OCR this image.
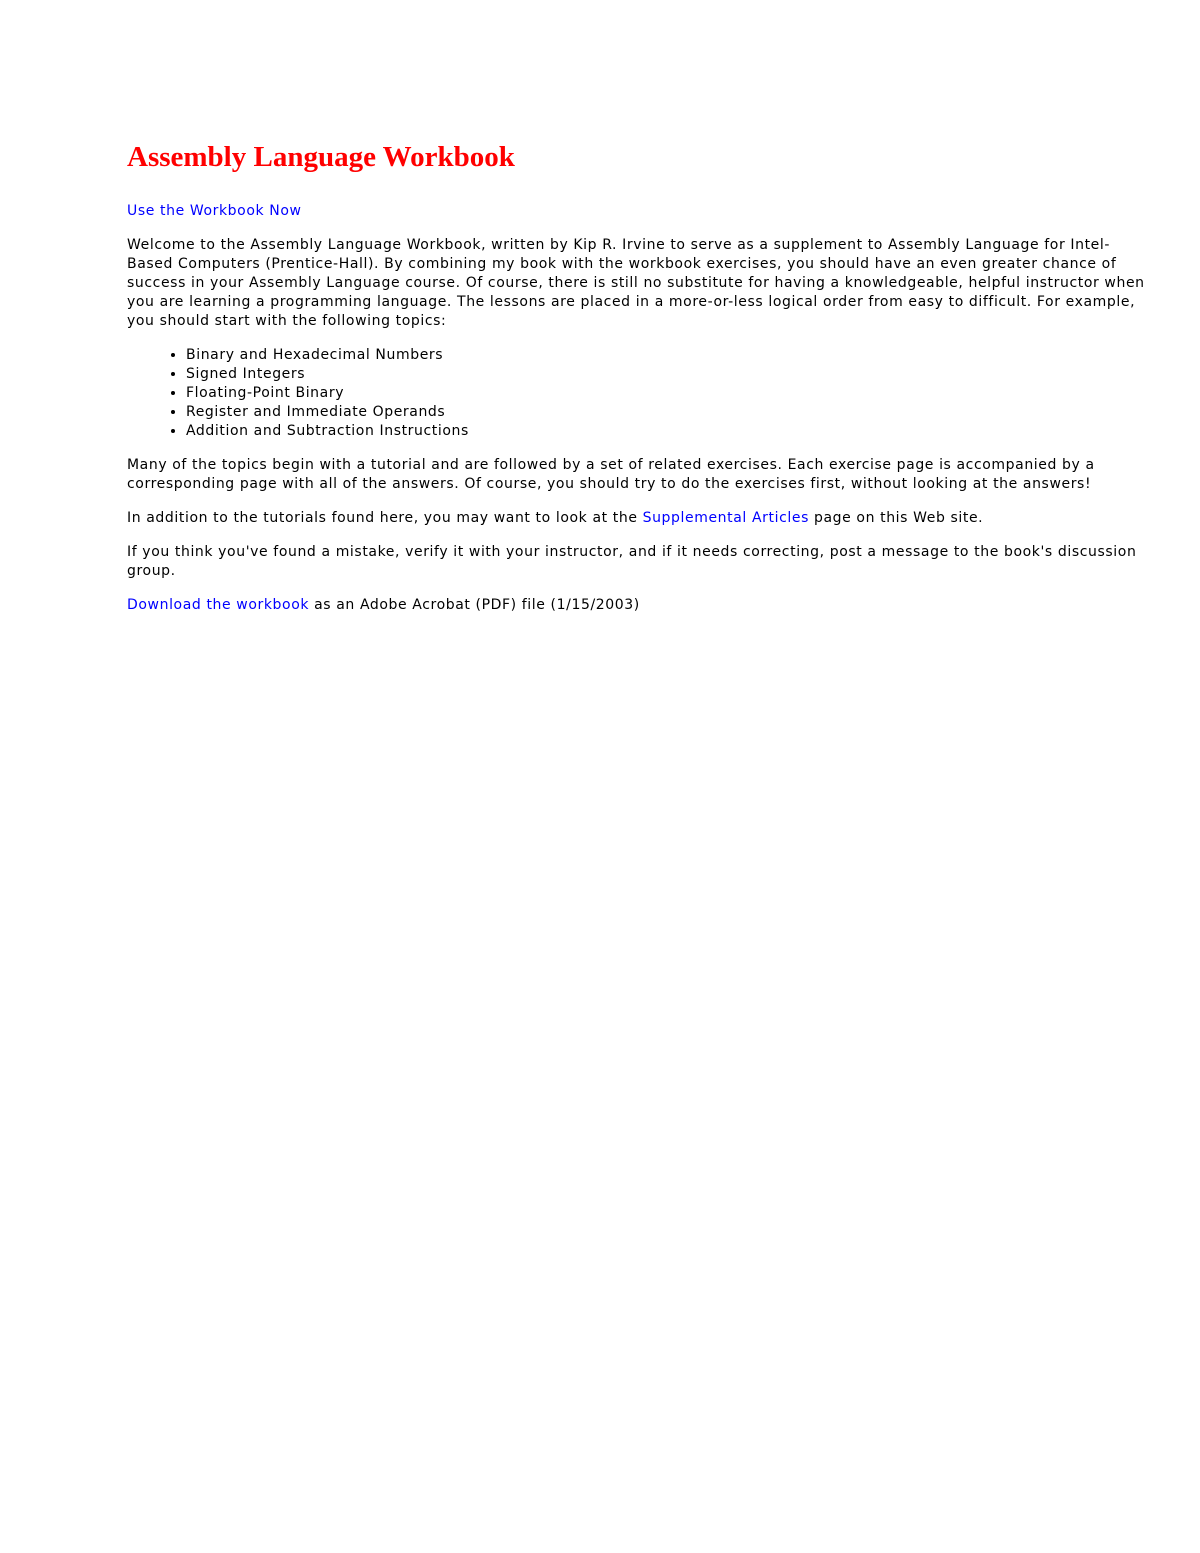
Assembly Language Workbook

Use the Workbook Now

Welcome to the Assembly Language Workbook, written by Kip R. Irvine to serve as a supplement to Assembly Language for Intel-Based Computers (Prentice-Hall). By combining my book with the workbook exercises, you should have an even greater chance of success in your Assembly Language course. Of course, there is still no substitute for having a knowledgeable, helpful instructor when you are learning a programming language. The lessons are placed in a more-or-less logical order from easy to difficult. For example, you should start with the following topics:

• Binary and Hexadecimal Numbers
• Signed Integers
• Floating-Point Binary
• Register and Immediate Operands
• Addition and Subtraction Instructions

Many of the topics begin with a tutorial and are followed by a set of related exercises. Each exercise page is accompanied by a corresponding page with all of the answers. Of course, you should try to do the exercises first, without looking at the answers!

In addition to the tutorials found here, you may want to look at the Supplemental Articles page on this Web site.

If you think you've found a mistake, verify it with your instructor, and if it needs correcting, post a message to the book's discussion group.

Download the workbook as an Adobe Acrobat (PDF) file (1/15/2003)
